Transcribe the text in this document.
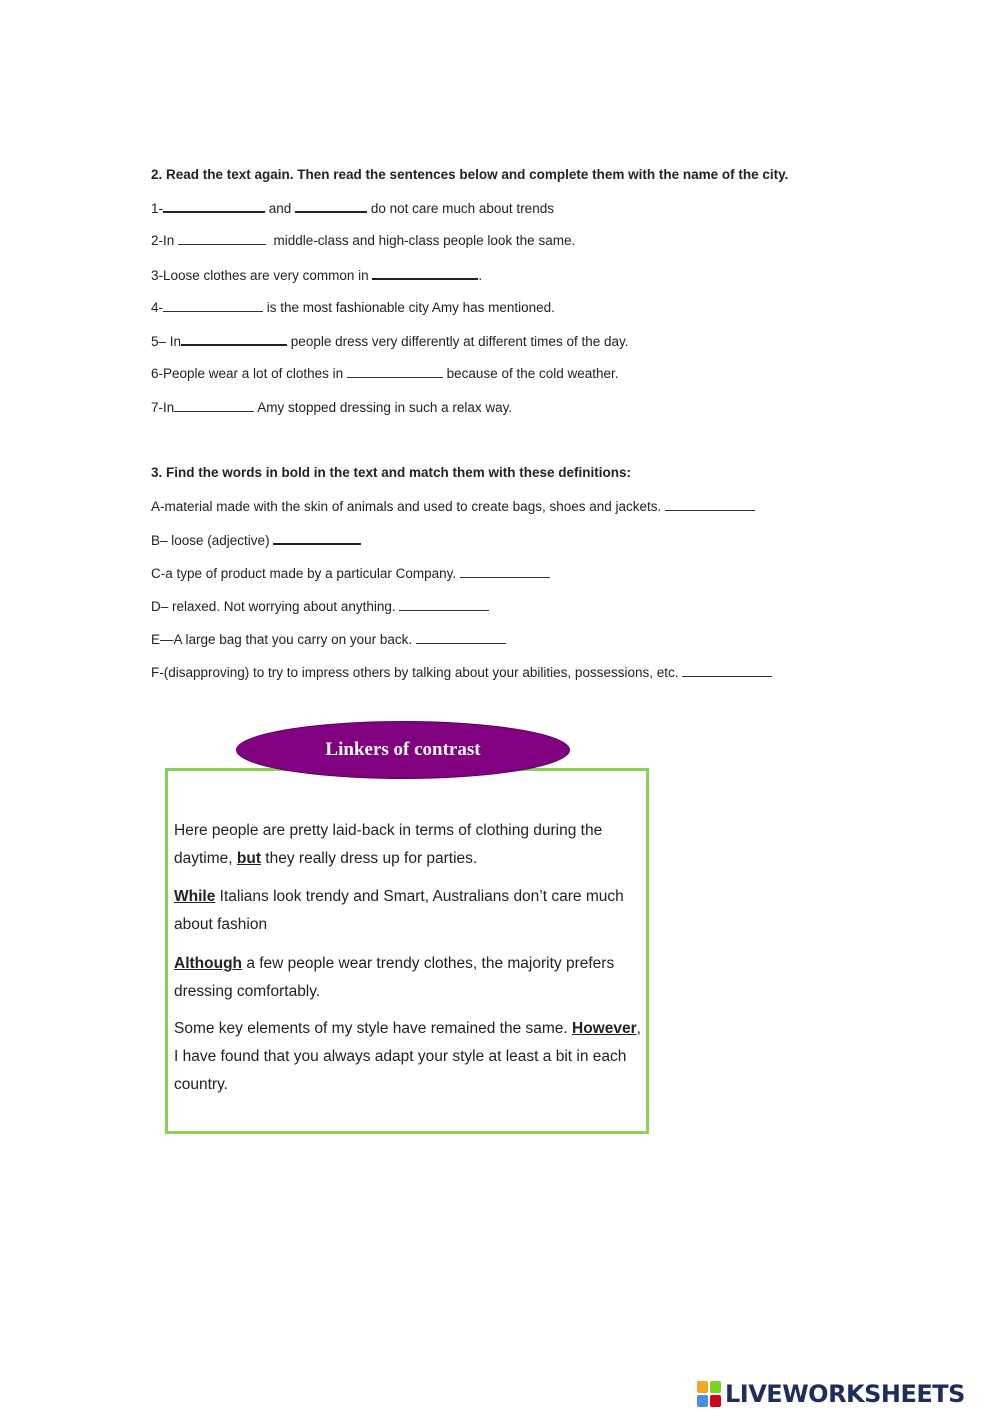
2. Read the text again. Then read the sentences below and complete them with the name of the city.
1-	and	do not care much about trends
2-In	middle-class and high-class people look the same.
3-Loose clothes are very common in	.
4-	is the most fashionable city Amy has mentioned.
5– In	people dress very differently at different times of the day.
6-People wear a lot of clothes in	because of the cold weather.
7-In	Amy stopped dressing in such a relax way.
3. Find the words in bold in the text and match them with these definitions:
A-material made with the skin of animals and used to create bags, shoes and jackets.
B– loose (adjective)
C-a type of product made by a particular Company.
D– relaxed. Not worrying about anything.
E—A large bag that you carry on your back.
F-(disapproving) to try to impress others by talking about your abilities, possessions, etc.
Linkers of contrast

Here people are pretty laid-back in terms of clothing during the daytime, but they really dress up for parties.

While Italians look trendy and Smart, Australians don’t care much about fashion

Although a few people wear trendy clothes, the majority prefers dressing comfortably.

Some key elements of my style have remained the same. However, I have found that you always adapt your style at least a bit in each country.

LIVEWORKSHEETS
